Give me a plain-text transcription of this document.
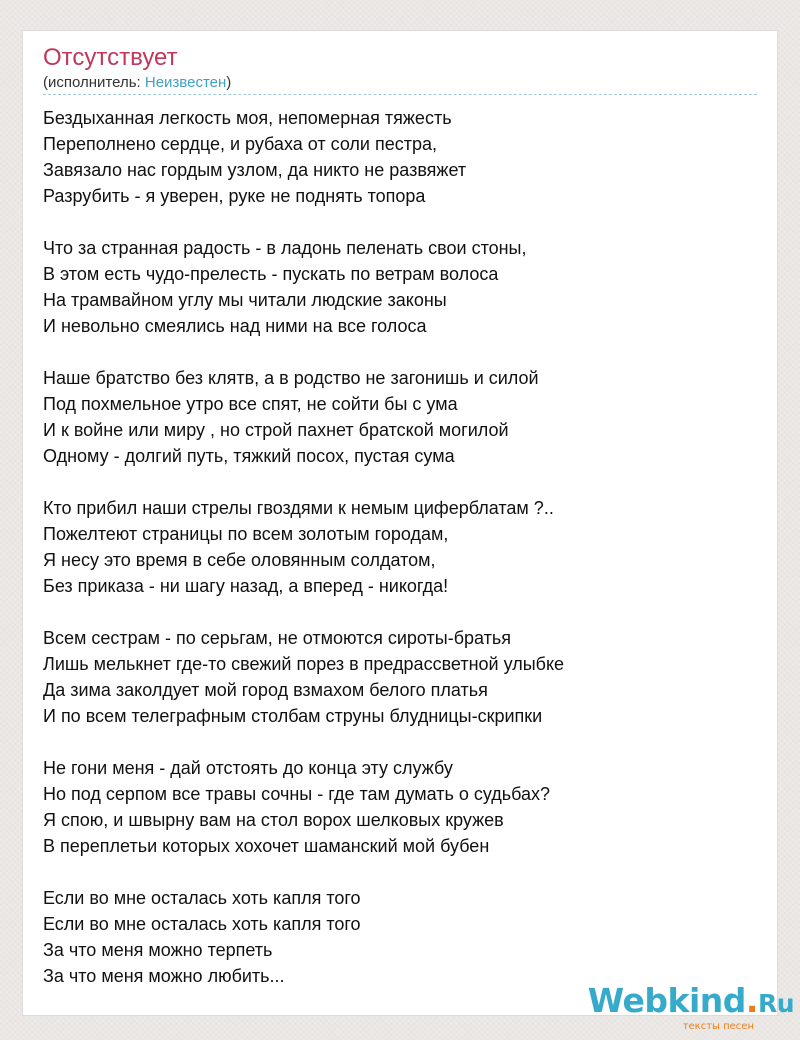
Отсутствует
(исполнитель: Неизвестен)
Бездыханная легкость моя, непомерная тяжесть
Переполнено сердце, и рубаха от соли пестра,
Завязало нас гордым узлом, да никто не развяжет
Разрубить - я уверен, руке не поднять топора
Что за странная радость - в ладонь пеленать свои стоны,
В этом есть чудо-прелесть - пускать по ветрам волоса
На трамвайном углу мы читали людские законы
И невольно смеялись над ними на все голоса
Наше братство без клятв, а в родство не загонишь и силой
Под похмельное утро все спят, не сойти бы с ума
И к войне или миру , но строй пахнет братской могилой
Одному - долгий путь, тяжкий посох, пустая сума
Кто прибил наши стрелы гвоздями к немым циферблатам ?..
Пожелтеют страницы по всем золотым городам,
Я несу это время в себе оловянным солдатом,
Без приказа - ни шагу назад, а вперед - никогда!
Всем сестрам - по серьгам, не отмоются сироты-братья
Лишь мелькнет где-то свежий порез в предрассветной улыбке
Да зима заколдует мой город взмахом белого платья
И по всем телеграфным столбам струны блудницы-скрипки
Не гони меня - дай отстоять до конца эту службу
Но под серпом все травы сочны - где там думать о судьбах?
Я спою, и швырну вам на стол ворох шелковых кружев
В переплетьи которых хохочет шаманский мой бубен
Если во мне осталась хоть капля того
Если во мне осталась хоть капля того
За что меня можно терпеть
За что меня можно любить...
Webkind.Ru
тексты песен
